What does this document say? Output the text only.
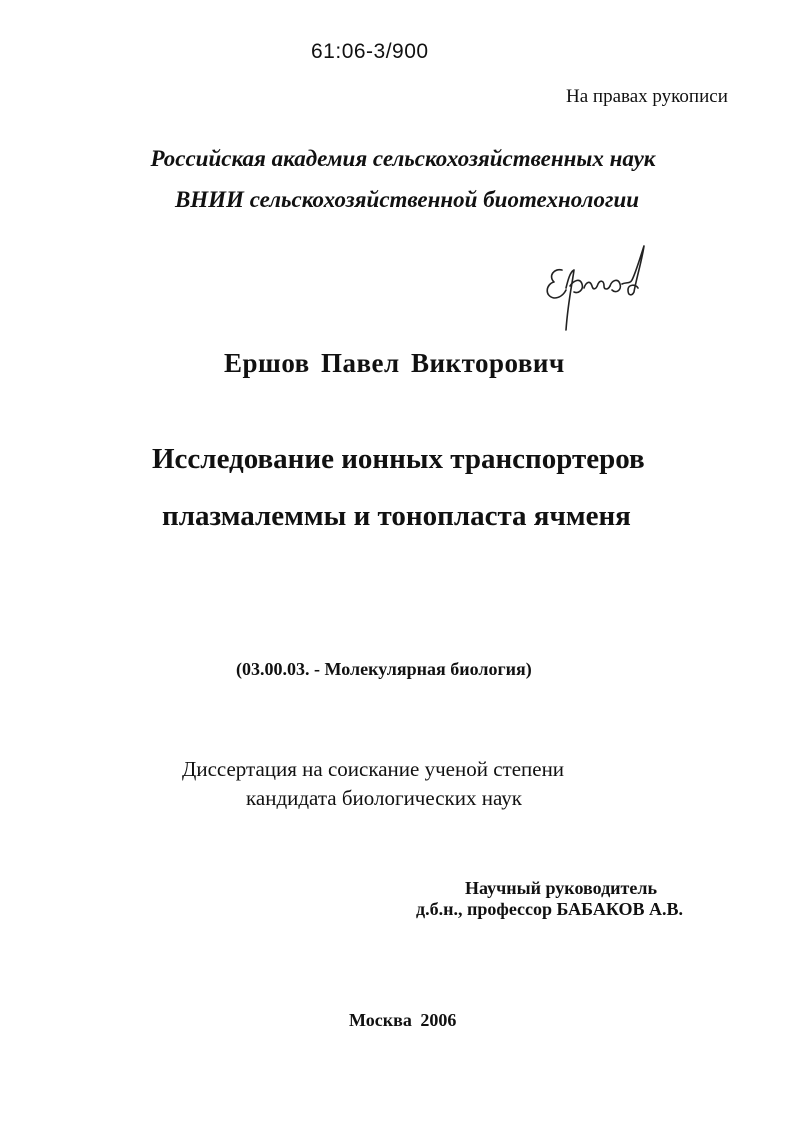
61:06-3/900
На правах рукописи
Российская академия сельскохозяйственных наук
ВНИИ сельскохозяйственной биотехнологии
Ершов Павел Викторович
Исследование ионных транспортеров
плазмалеммы и тонопласта ячменя
(03.00.03. - Молекулярная биология)
Диссертация на соискание ученой степени
кандидата биологических наук
Научный руководитель
д.б.н., профессор БАБАКОВ А.В.
Москва 2006
